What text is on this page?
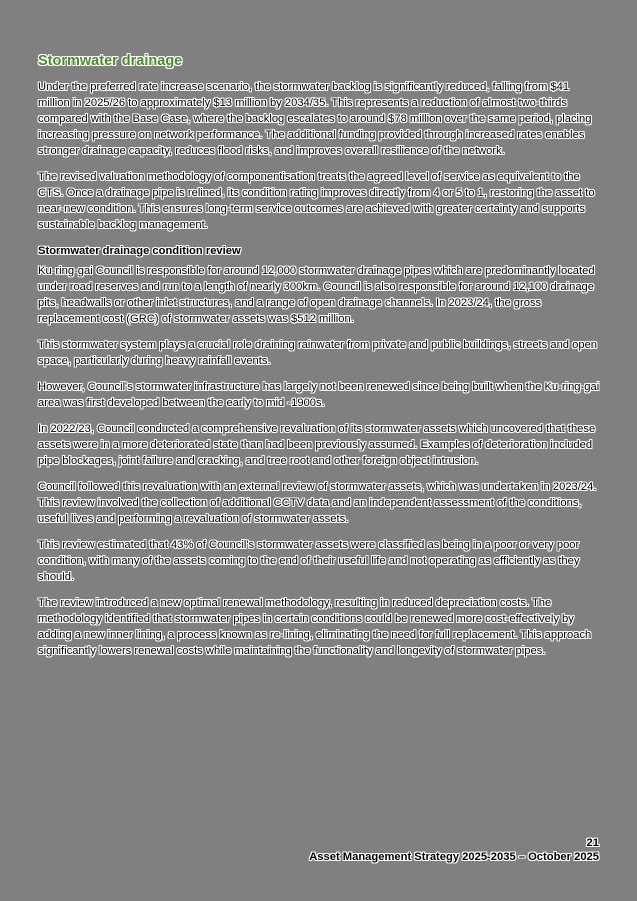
Stormwater drainage

Under the preferred rate increase scenario, the stormwater backlog is significantly reduced, falling from $41 million in 2025/26 to approximately $13 million by 2034/35. This represents a reduction of almost two-thirds compared with the Base Case, where the backlog escalates to around $78 million over the same period, placing increasing pressure on network performance. The additional funding provided through increased rates enables stronger drainage capacity, reduces flood risks, and improves overall resilience of the network.

The revised valuation methodology of componentisation treats the agreed level of service as equivalent to the CTS. Once a drainage pipe is relined, its condition rating improves directly from 4 or 5 to 1, restoring the asset to near-new condition. This ensures long-term service outcomes are achieved with greater certainty and supports sustainable backlog management.

Stormwater drainage condition review

Ku-ring-gai Council is responsible for around 12,000 stormwater drainage pipes which are predominantly located under road reserves and run to a length of nearly 300km. Council is also responsible for around 12,100 drainage pits, headwalls or other inlet structures, and a range of open drainage channels. In 2023/24, the gross replacement cost (GRC) of stormwater assets was $512 million.

This stormwater system plays a crucial role draining rainwater from private and public buildings, streets and open space, particularly during heavy rainfall events.

However, Council's stormwater infrastructure has largely not been renewed since being built when the Ku-ring-gai area was first developed between the early to mid -1900s.

In 2022/23, Council conducted a comprehensive revaluation of its stormwater assets which uncovered that these assets were in a more deteriorated state than had been previously assumed. Examples of deterioration included pipe blockages, joint failure and cracking, and tree root and other foreign object intrusion.

Council followed this revaluation with an external review of stormwater assets, which was undertaken in 2023/24. This review involved the collection of additional CCTV data and an independent assessment of the conditions, useful lives and performing a revaluation of stormwater assets.

This review estimated that 43% of Council's stormwater assets were classified as being in a poor or very poor condition, with many of the assets coming to the end of their useful life and not operating as efficiently as they should.

The review introduced a new optimal renewal methodology, resulting in reduced depreciation costs. The methodology identified that stormwater pipes in certain conditions could be renewed more cost-effectively by adding a new inner lining, a process known as re-lining, eliminating the need for full replacement. This approach significantly lowers renewal costs while maintaining the functionality and longevity of stormwater pipes.

21
Asset Management Strategy 2025-2035 – October 2025
